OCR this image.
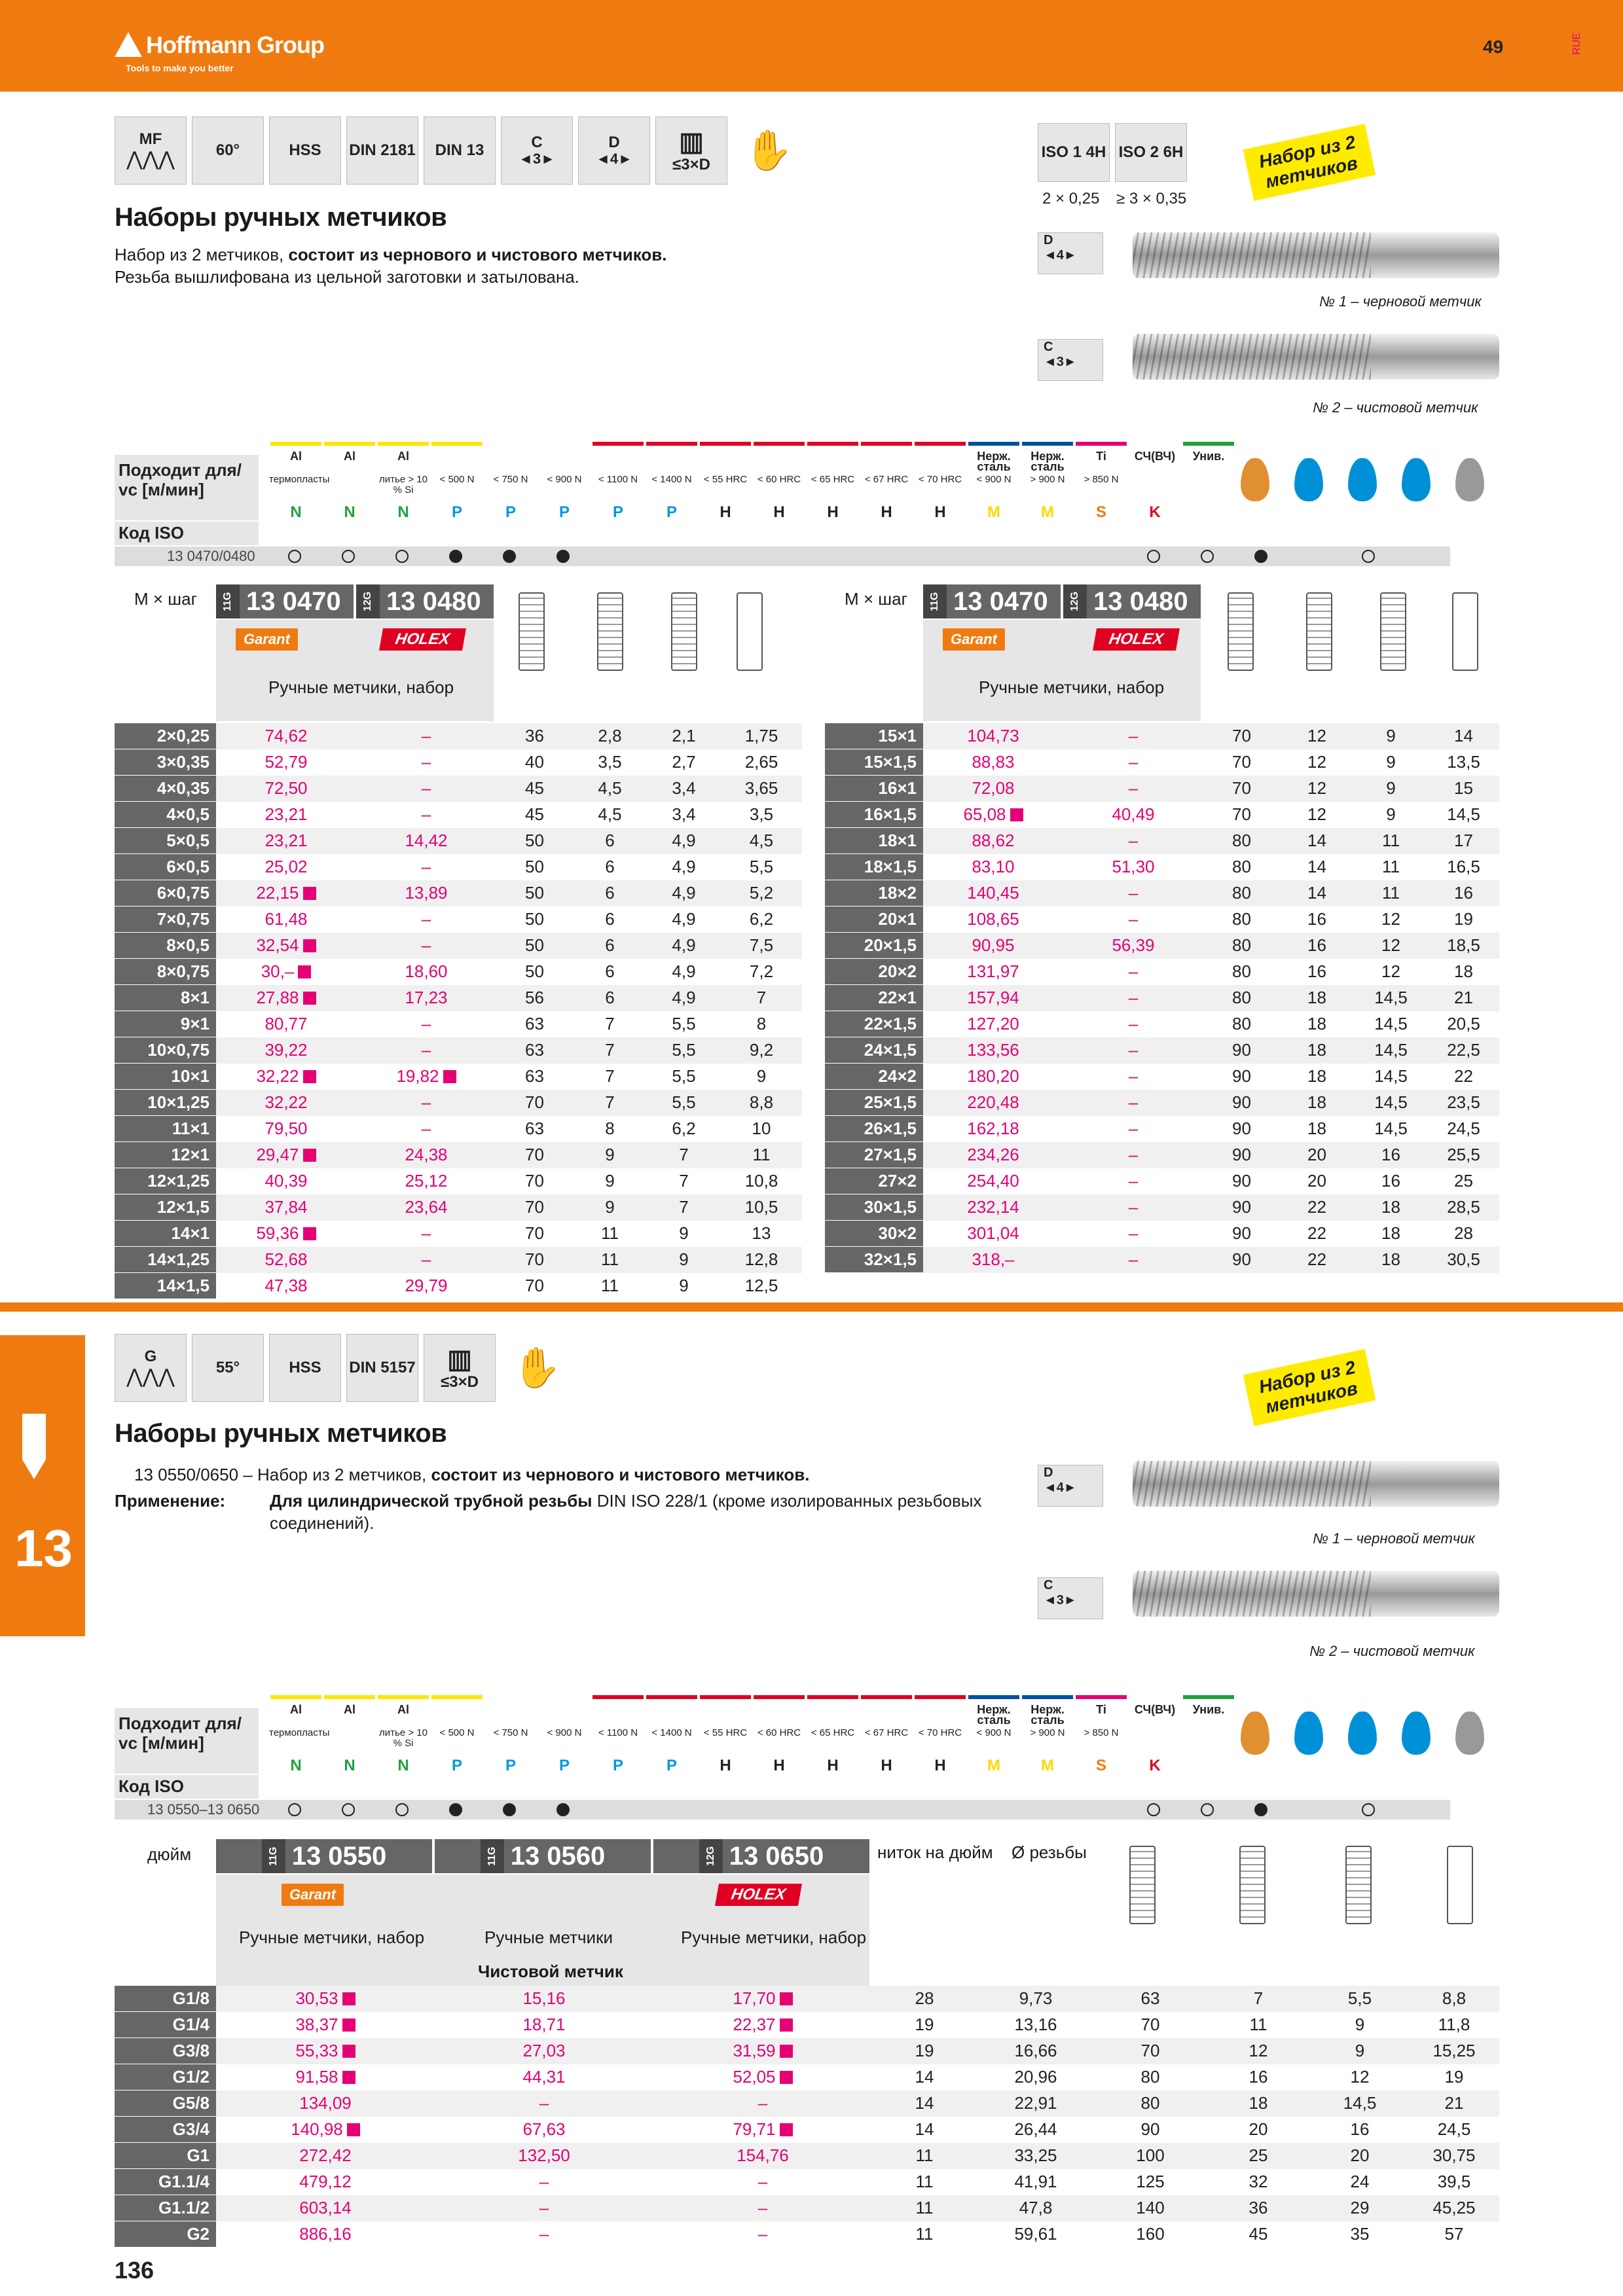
Hoffmann Group
Tools to make you better
49	RUE
MF
⋀⋀⋀	60°	HSS DIN 2181 DIN 13	C
◄3►
D
◄4►
▥
≤3×D ✋	ISO 1 4H ISO 2 6H
2 × 0,25 ≥ 3 × 0,35
Набор из 2 метчиков
Наборы ручных метчиков
Набор из 2 метчиков, состоит из чернового и чистового метчиков.
Резьба вышлифована из цельной заготовки и затылована.
D
◄4►
№ 1 – черновой метчик
C
◄3►
№ 2 – чистовой метчик
Подходит для/ vc [м/мин]
Код ISO
13 0470/0480
Al
термопласты
N
Al
N
Al
литье > 10 % Si
N
< 500 N
P
< 750 N
P
< 900 N
P
< 1100 N
P
< 1400 N
P
< 55 HRC
H
< 60 HRC
H
< 65 HRC
H
< 67 HRC
H
< 70 HRC
H
Нерж. сталь
< 900 N
M
Нерж. сталь
> 900 N
M
Ti
> 850 N
S
СЧ(ВЧ)
K
Унив.
M × шаг	11G 13 0470	12G 13 0480
Garant	HOLEX
Ручные метчики, набор
2×0,25	74,62	–	36	2,8	2,1	1,75
3×0,35	52,79	–	40	3,5	2,7	2,65
4×0,35	72,50	–	45	4,5	3,4	3,65
4×0,5	23,21	–	45	4,5	3,4	3,5
5×0,5	23,21	14,42	50	6	4,9	4,5
6×0,5	25,02	–	50	6	4,9	5,5
6×0,75	22,15	13,89	50	6	4,9	5,2
7×0,75	61,48	–	50	6	4,9	6,2
8×0,5	32,54	–	50	6	4,9	7,5
8×0,75	30,–	18,60	50	6	4,9	7,2
8×1	27,88	17,23	56	6	4,9	7
9×1	80,77	–	63	7	5,5	8
10×0,75	39,22	–	63	7	5,5	9,2
10×1	32,22	19,82	63	7	5,5	9
10×1,25	32,22	–	70	7	5,5	8,8
11×1	79,50	–	63	8	6,2	10
12×1	29,47	24,38	70	9	7	11
12×1,25	40,39	25,12	70	9	7	10,8
12×1,5	37,84	23,64	70	9	7	10,5
14×1	59,36	–	70	11	9	13
14×1,25	52,68	–	70	11	9	12,8
14×1,5	47,38	29,79	70	11	9	12,5
M × шаг	11G 13 0470	12G 13 0480
Garant	HOLEX
Ручные метчики, набор
15×1	104,73	–	70	12	9	14
15×1,5	88,83	–	70	12	9	13,5
16×1	72,08	–	70	12	9	15
16×1,5	65,08	40,49	70	12	9	14,5
18×1	88,62	–	80	14	11	17
18×1,5	83,10	51,30	80	14	11	16,5
18×2	140,45	–	80	14	11	16
20×1	108,65	–	80	16	12	19
20×1,5	90,95	56,39	80	16	12	18,5
20×2	131,97	–	80	16	12	18
22×1	157,94	–	80	18	14,5	21
22×1,5	127,20	–	80	18	14,5	20,5
24×1,5	133,56	–	90	18	14,5	22,5
24×2	180,20	–	90	18	14,5	22
25×1,5	220,48	–	90	18	14,5	23,5
26×1,5	162,18	–	90	18	14,5	24,5
27×1,5	234,26	–	90	20	16	25,5
27×2	254,40	–	90	20	16	25
30×1,5	232,14	–	90	22	18	28,5
30×2	301,04	–	90	22	18	28
32×1,5	318,–	–	90	22	18	30,5
13
G
⋀⋀⋀	55°	HSS DIN 5157 ▥
≤3×D ✋	Набор из 2 метчиков
Наборы ручных метчиков
13 0550/0650 – Набор из 2 метчиков, состоит из чернового и чистового метчиков.
Применение:	Для цилиндрической трубной резьбы DIN ISO 228/1 (кроме изолированных резьбовых соединений).
D
◄4►
№ 1 – черновой метчик
C
◄3►
№ 2 – чистовой метчик
Подходит для/ vc [м/мин]
Код ISO
13 0550–13 0650
Al
термопласты
N
Al
N
Al
литье > 10 % Si
N
< 500 N
P
< 750 N
P
< 900 N
P
< 1100 N
P
< 1400 N
P
< 55 HRC
H
< 60 HRC
H
< 65 HRC
H
< 67 HRC
H
< 70 HRC
H
Нерж. сталь
< 900 N
M
Нерж. сталь
> 900 N
M
Ti
> 850 N
S
СЧ(ВЧ)
K
Унив.
дюйм	11G 13 0550	11G 13 0560	12G 13 0650
Garant	HOLEX
Ручные метчики, набор	Ручные метчики
Чистовой метчик
Ручные метчики, набор
ниток на дюйм Ø резьбы
G1/8	30,53	15,16	17,70	28	9,73	63	7	5,5	8,8
G1/4	38,37	18,71	22,37	19	13,16	70	11	9	11,8
G3/8	55,33	27,03	31,59	19	16,66	70	12	9	15,25
G1/2	91,58	44,31	52,05	14	20,96	80	16	12	19
G5/8	134,09	–	–	14	22,91	80	18	14,5	21
G3/4	140,98	67,63	79,71	14	26,44	90	20	16	24,5
G1	272,42	132,50	154,76	11	33,25	100	25	20	30,75
G1.1/4	479,12	–	–	11	41,91	125	32	24	39,5
G1.1/2	603,14	–	–	11	47,8	140	36	29	45,25
G2	886,16	–	–	11	59,61	160	45	35	57
136
